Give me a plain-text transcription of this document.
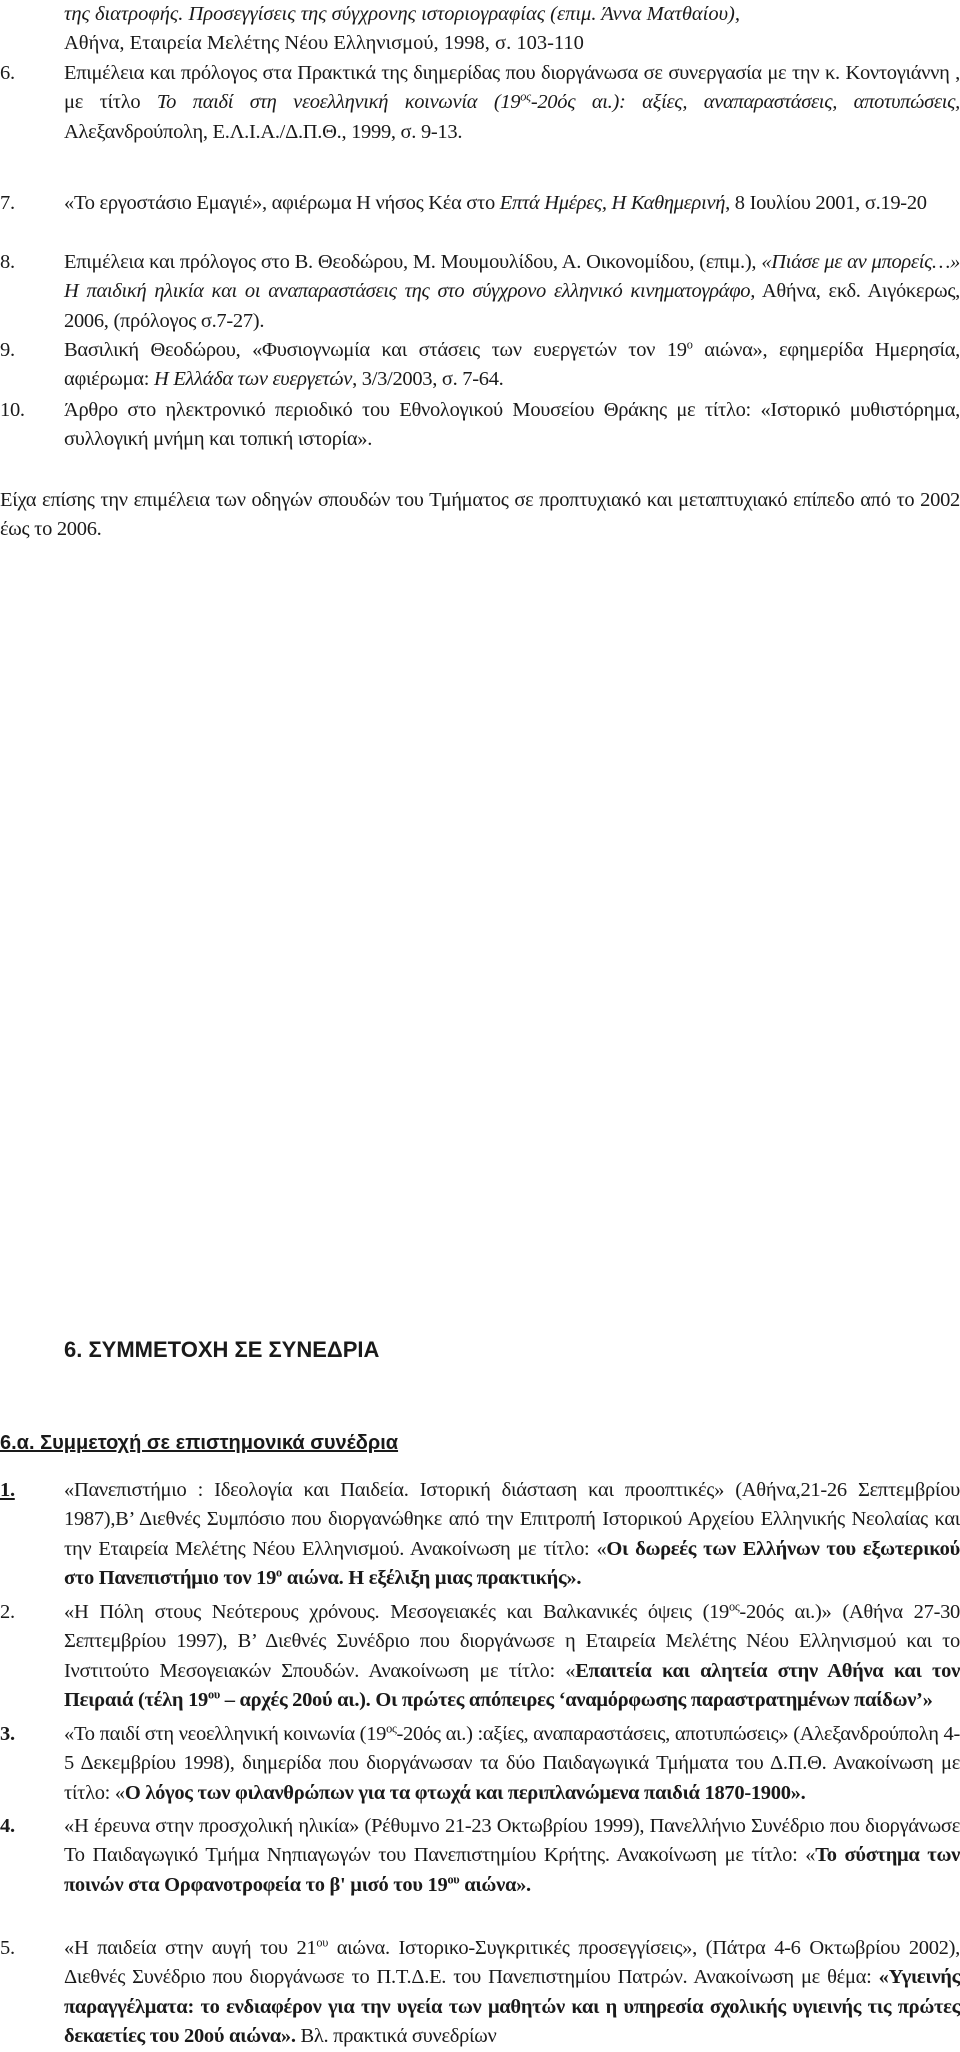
της διατροφής. Προσεγγίσεις της σύγχρονης ιστοριογραφίας (επιμ. Άννα Ματθαίου),
Αθήνα, Εταιρεία Μελέτης Νέου Ελληνισμού, 1998, σ. 103-110
6. Επιμέλεια και πρόλογος στα Πρακτικά της διημερίδας που διοργάνωσα σε συνεργασία με την κ. Κοντογιάννη , με τίτλο Το παιδί στη νεοελληνική κοινωνία ($19^{o\varsigma}-20ό\varsigma$ αι.): αξίες, αναπαραστάσεις, αποτυπώσεις, Αλεξανδρούπολη, Ε.Λ.Ι.Α./Δ.Π.Θ., 1999, σ. 9-13.
7. «Το εργοστάσιο Εμαγιέ», αφιέρωμα Η νήσος Κέα στο Επτά Ημέρες, Η Καθημερινή, 8 Ιουλίου 2001, σ.19-20
8. Επιμέλεια και πρόλογος στο Β. Θεοδώρου, Μ. Μουμουλίδου, Α. Οικονομίδου, (επιμ.), «Πιάσε με αν μπορείς…» Η παιδική ηλικία και οι αναπαραστάσεις της στο σύγχρονο ελληνικό κινηματογράφο, Αθήνα, εκδ. Αιγόκερως, 2006, (πρόλογος σ.7-27).
9. Βασιλική Θεοδώρου, «Φυσιογνωμία και στάσεις των ευεργετών τον $19^o$ αιώνα», εφημερίδα Ημερησία, αφιέρωμα: Η Ελλάδα των ευεργετών, 3/3/2003, σ. 7-64.
10. Άρθρο στο ηλεκτρονικό περιοδικό του Εθνολογικού Μουσείου Θράκης με τίτλο: «Ιστορικό μυθιστόρημα, συλλογική μνήμη και τοπική ιστορία».
Είχα επίσης την επιμέλεια των οδηγών σπουδών του Τμήματος σε προπτυχιακό και μεταπτυχιακό επίπεδο από το 2002 έως το 2006.
6. ΣΥΜΜΕΤΟΧΗ ΣΕ ΣΥΝΕΔΡΙΑ
6.α. Συμμετοχή σε επιστημονικά συνέδρια
1. «Πανεπιστήμιο : Ιδεολογία και Παιδεία. Ιστορική διάσταση και προοπτικές» (Αθήνα,21-26 Σεπτεμβρίου 1987),Β’ Διεθνές Συμπόσιο που διοργανώθηκε από την Επιτροπή Ιστορικού Αρχείου Ελληνικής Νεολαίας και την Εταιρεία Μελέτης Νέου Ελληνισμού. Ανακοίνωση με τίτλο: «Οι δωρεές των Ελλήνων του εξωτερικού στο Πανεπιστήμιο τον $19^o$ αιώνα. Η εξέλιξη μιας πρακτικής».
2. «Η Πόλη στους Νεότερους χρόνους. Μεσογειακές και Βαλκανικές όψεις ($19^{o\varsigma}-20ό\varsigma$ αι.)» (Αθήνα 27-30 Σεπτεμβρίου 1997), Β’ Διεθνές Συνέδριο που διοργάνωσε η Εταιρεία Μελέτης Νέου Ελληνισμού και το Ινστιτούτο Μεσογειακών Σπουδών. Ανακοίνωση με τίτλο: «Επαιτεία και αλητεία στην Αθήνα και τον Πειραιά (τέλη $19^{o\upsilon}$ – αρχές 20ού αι.). Οι πρώτες απόπειρες ‘αναμόρφωσης παραστρατημένων παίδων’»
3. «Το παιδί στη νεοελληνική κοινωνία ($19^{o\varsigma}-20ό\varsigma$ αι.) :αξίες, αναπαραστάσεις, αποτυπώσεις» (Αλεξανδρούπολη 4-5 Δεκεμβρίου 1998), διημερίδα που διοργάνωσαν τα δύο Παιδαγωγικά Τμήματα του Δ.Π.Θ. Ανακοίνωση με τίτλο: «Ο λόγος των φιλανθρώπων για τα φτωχά και περιπλανώμενα παιδιά 1870-1900».
4. «Η έρευνα στην προσχολική ηλικία» (Ρέθυμνο 21-23 Οκτωβρίου 1999), Πανελλήνιο Συνέδριο που διοργάνωσε Το Παιδαγωγικό Τμήμα Νηπιαγωγών του Πανεπιστημίου Κρήτης. Ανακοίνωση με τίτλο: «Το σύστημα των ποινών στα Ορφανοτροφεία το β' μισό του $19^{o\upsilon}$ αιώνα».
5. «Η παιδεία στην αυγή του $21^{o\upsilon}$ αιώνα. Ιστορικο-Συγκριτικές προσεγγίσεις», (Πάτρα 4-6 Οκτωβρίου 2002), Διεθνές Συνέδριο που διοργάνωσε το Π.Τ.Δ.Ε. του Πανεπιστημίου Πατρών. Ανακοίνωση με θέμα: «Υγιεινής παραγγέλματα: το ενδιαφέρον για την υγεία των μαθητών και η υπηρεσία σχολικής υγιεινής τις πρώτες δεκαετίες του 20ού αιώνα». Βλ. πρακτικά συνεδρίων
